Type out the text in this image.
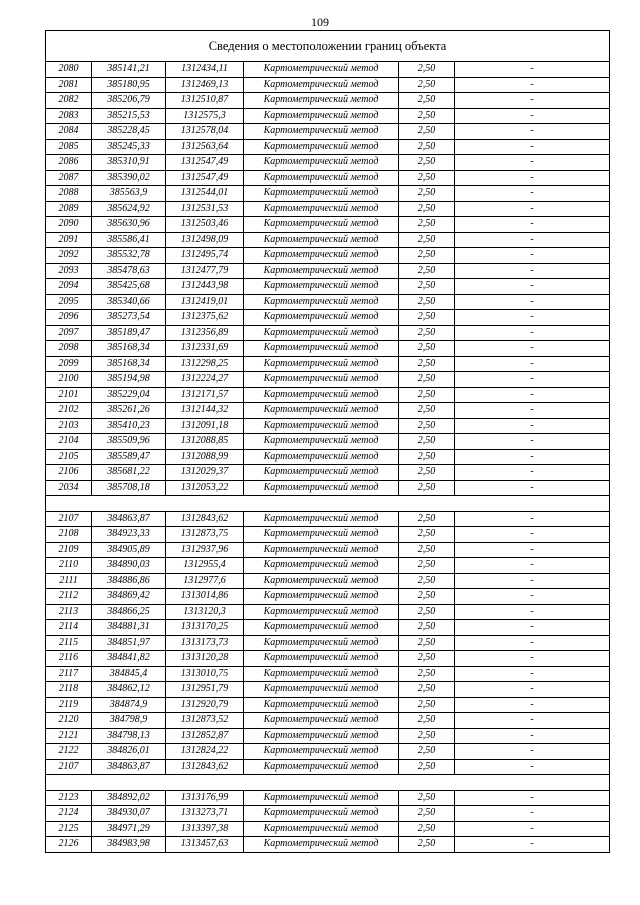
109
Сведения о местоположении границ объекта					
2080	385141,21	1312434,11	Картометрический метод	2,50	-
2081	385180,95	1312469,13	Картометрический метод	2,50	-
2082	385206,79	1312510,87	Картометрический метод	2,50	-
2083	385215,53	1312575,3	Картометрический метод	2,50	-
2084	385228,45	1312578,04	Картометрический метод	2,50	-
2085	385245,33	1312563,64	Картометрический метод	2,50	-
2086	385310,91	1312547,49	Картометрический метод	2,50	-
2087	385390,02	1312547,49	Картометрический метод	2,50	-
2088	385563,9	1312544,01	Картометрический метод	2,50	-
2089	385624,92	1312531,53	Картометрический метод	2,50	-
2090	385630,96	1312503,46	Картометрический метод	2,50	-
2091	385586,41	1312498,09	Картометрический метод	2,50	-
2092	385532,78	1312495,74	Картометрический метод	2,50	-
2093	385478,63	1312477,79	Картометрический метод	2,50	-
2094	385425,68	1312443,98	Картометрический метод	2,50	-
2095	385340,66	1312419,01	Картометрический метод	2,50	-
2096	385273,54	1312375,62	Картометрический метод	2,50	-
2097	385189,47	1312356,89	Картометрический метод	2,50	-
2098	385168,34	1312331,69	Картометрический метод	2,50	-
2099	385168,34	1312298,25	Картометрический метод	2,50	-
2100	385194,98	1312224,27	Картометрический метод	2,50	-
2101	385229,04	1312171,57	Картометрический метод	2,50	-
2102	385261,26	1312144,32	Картометрический метод	2,50	-
2103	385410,23	1312091,18	Картометрический метод	2,50	-
2104	385509,96	1312088,85	Картометрический метод	2,50	-
2105	385589,47	1312088,99	Картометрический метод	2,50	-
2106	385681,22	1312029,37	Картометрический метод	2,50	-
2034	385708,18	1312053,22	Картометрический метод	2,50	-

2107	384863,87	1312843,62	Картометрический метод	2,50	-
2108	384923,33	1312873,75	Картометрический метод	2,50	-
2109	384905,89	1312937,96	Картометрический метод	2,50	-
2110	384890,03	1312955,4	Картометрический метод	2,50	-
2111	384886,86	1312977,6	Картометрический метод	2,50	-
2112	384869,42	1313014,86	Картометрический метод	2,50	-
2113	384866,25	1313120,3	Картометрический метод	2,50	-
2114	384881,31	1313170,25	Картометрический метод	2,50	-
2115	384851,97	1313173,73	Картометрический метод	2,50	-
2116	384841,82	1313120,28	Картометрический метод	2,50	-
2117	384845,4	1313010,75	Картометрический метод	2,50	-
2118	384862,12	1312951,79	Картометрический метод	2,50	-
2119	384874,9	1312920,79	Картометрический метод	2,50	-
2120	384798,9	1312873,52	Картометрический метод	2,50	-
2121	384798,13	1312852,87	Картометрический метод	2,50	-
2122	384826,01	1312824,22	Картометрический метод	2,50	-
2107	384863,87	1312843,62	Картометрический метод	2,50	-

2123	384892,02	1313176,99	Картометрический метод	2,50	-
2124	384930,07	1313273,71	Картометрический метод	2,50	-
2125	384971,29	1313397,38	Картометрический метод	2,50	-
2126	384983,98	1313457,63	Картометрический метод	2,50	-
